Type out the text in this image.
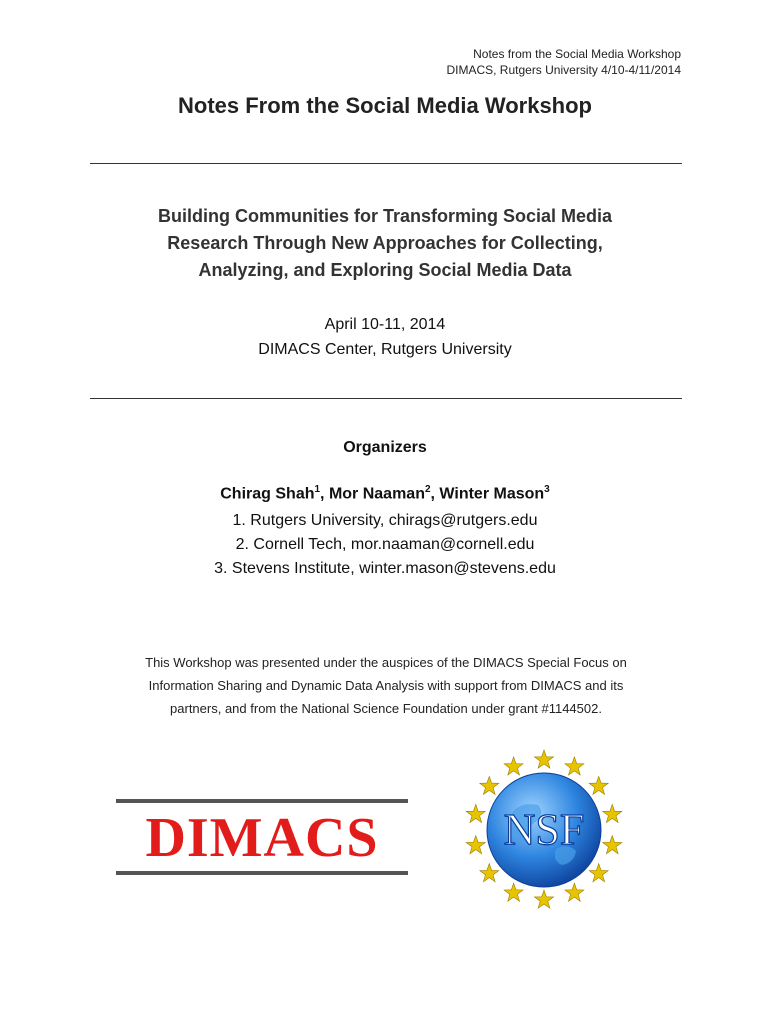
Notes from the Social Media Workshop
DIMACS, Rutgers University 4/10-4/11/2014
Notes From the Social Media Workshop
Building Communities for Transforming Social Media
Research Through New Approaches for Collecting,
Analyzing, and Exploring Social Media Data
April 10-11, 2014
DIMACS Center, Rutgers University
Organizers
Chirag Shah$^1$, Mor Naaman$^2$, Winter Mason$^3$
1. Rutgers University, chirags@rutgers.edu
2. Cornell Tech, mor.naaman@cornell.edu
3. Stevens Institute, winter.mason@stevens.edu
This Workshop was presented under the auspices of the DIMACS Special Focus on
Information Sharing and Dynamic Data Analysis with support from DIMACS and its
partners, and from the National Science Foundation under grant #1144502.
DIMACS	NSF
